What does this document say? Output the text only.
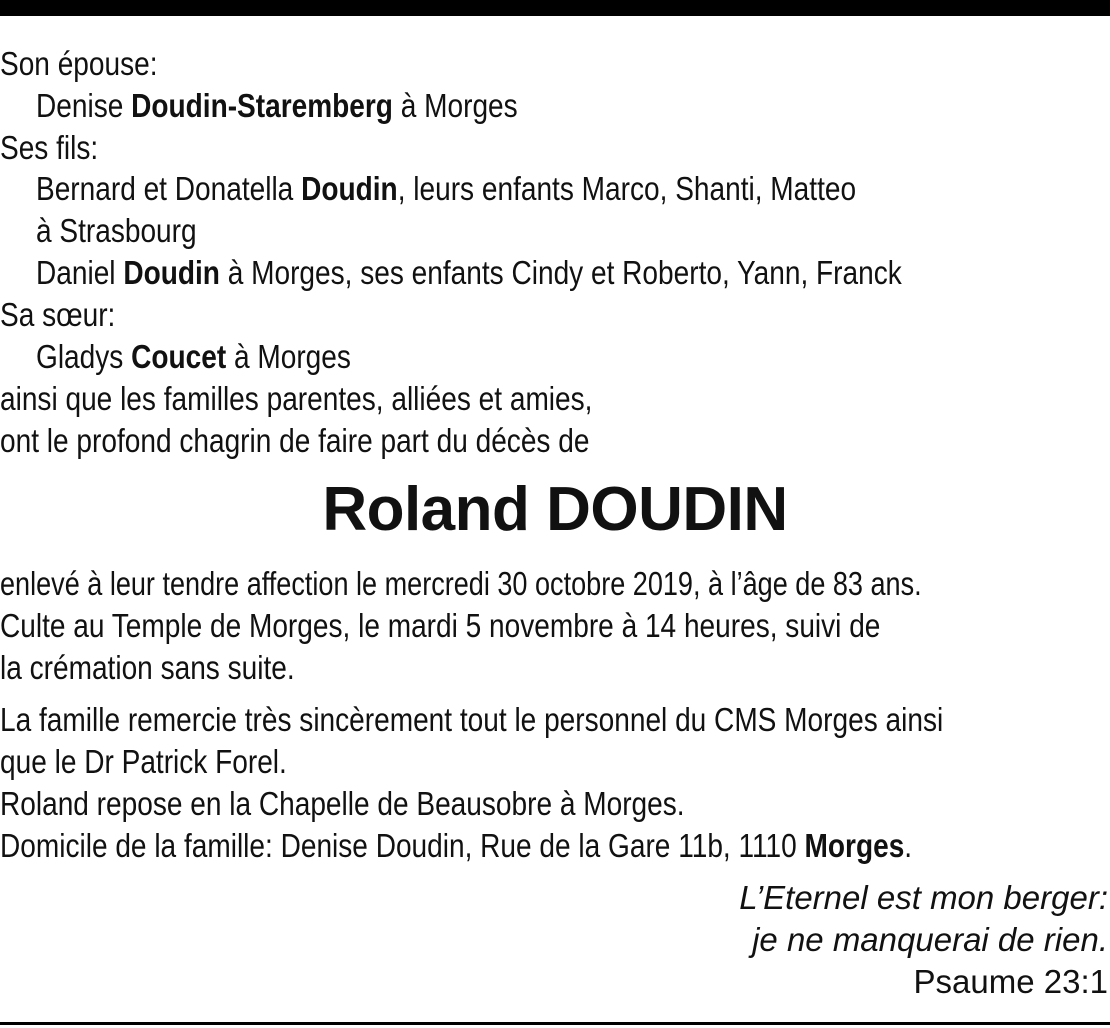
Son épouse:
Denise Doudin-Staremberg à Morges
Ses fils:
Bernard et Donatella Doudin, leurs enfants Marco, Shanti, Matteo
à Strasbourg
Daniel Doudin à Morges, ses enfants Cindy et Roberto, Yann, Franck
Sa sœur:
Gladys Coucet à Morges
ainsi que les familles parentes, alliées et amies,
ont le profond chagrin de faire part du décès de
Roland DOUDIN
enlevé à leur tendre affection le mercredi 30 octobre 2019, à l’âge de 83 ans.
Culte au Temple de Morges, le mardi 5 novembre à 14 heures, suivi de
la crémation sans suite.
La famille remercie très sincèrement tout le personnel du CMS Morges ainsi
que le Dr Patrick Forel.
Roland repose en la Chapelle de Beausobre à Morges.
Domicile de la famille: Denise Doudin, Rue de la Gare 11b, 1110 Morges.
L’Eternel est mon berger:
je ne manquerai de rien.
Psaume 23:1
